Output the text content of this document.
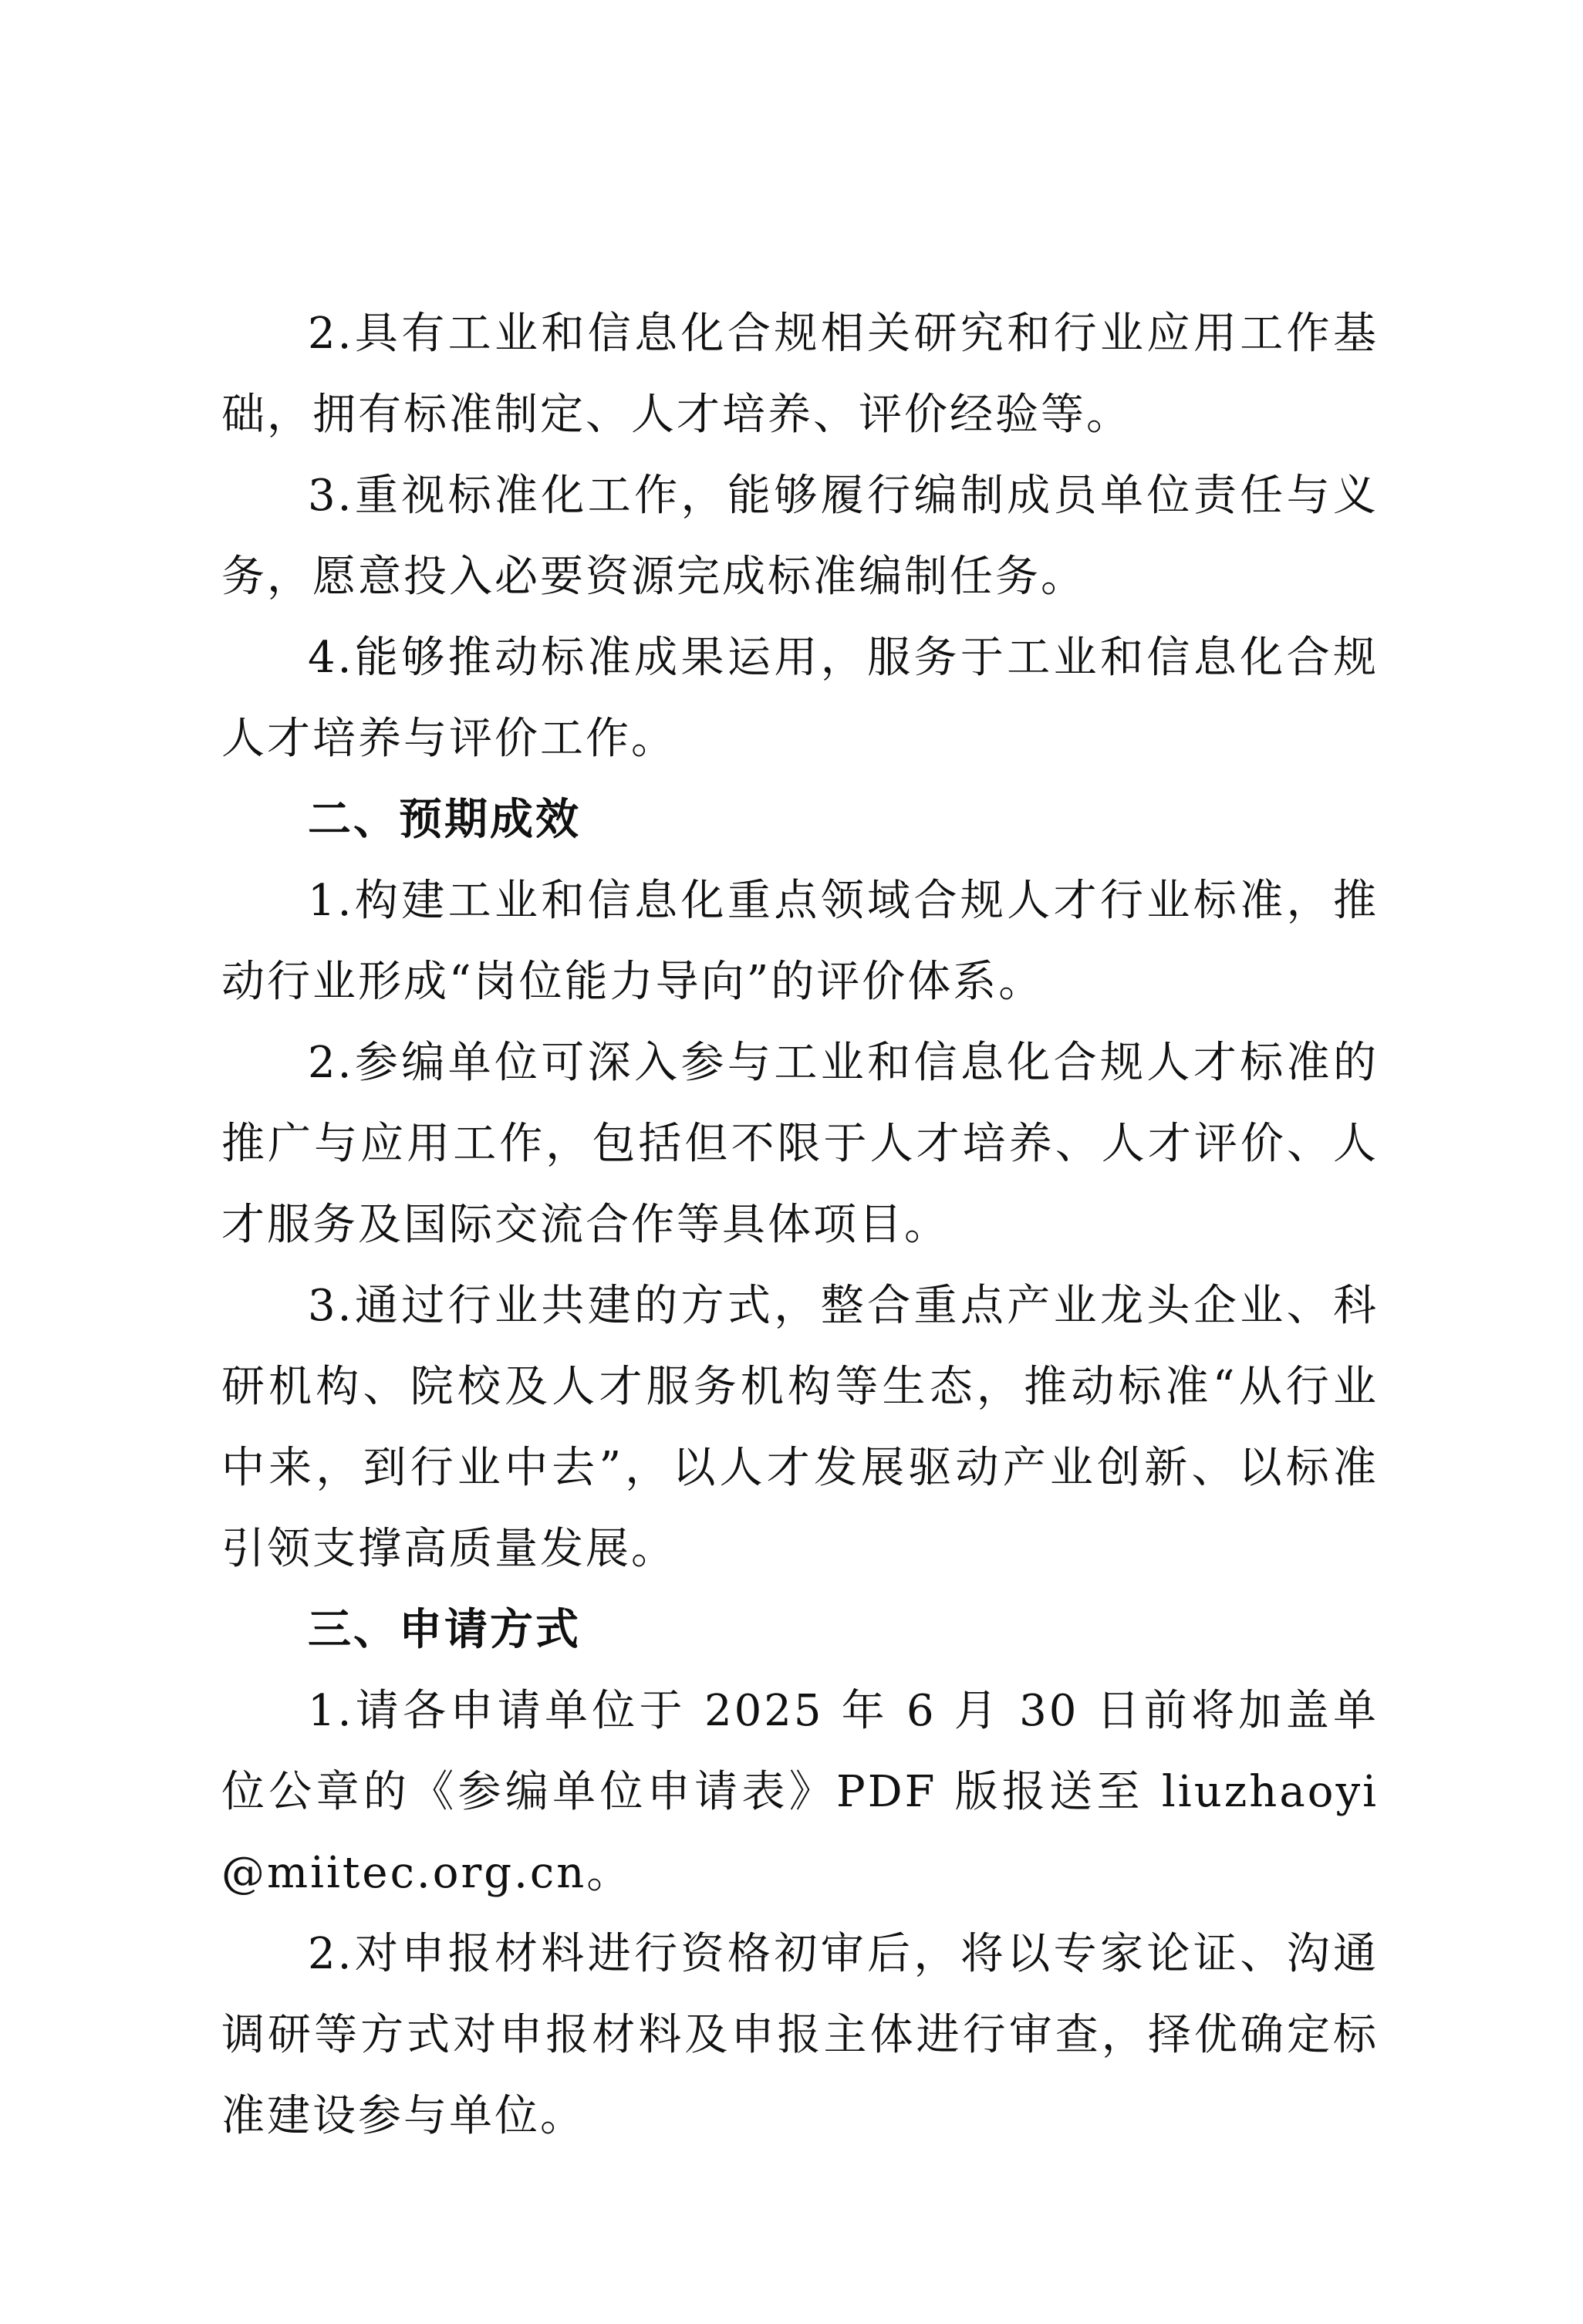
2.具有工业和信息化合规相关研究和行业应用工作基础，拥有标准制定、人才培养、评价经验等。

3.重视标准化工作，能够履行编制成员单位责任与义务，愿意投入必要资源完成标准编制任务。

4.能够推动标准成果运用，服务于工业和信息化合规人才培养与评价工作。

二、预期成效

1.构建工业和信息化重点领域合规人才行业标准，推动行业形成“岗位能力导向”的评价体系。

2.参编单位可深入参与工业和信息化合规人才标准的推广与应用工作，包括但不限于人才培养、人才评价、人才服务及国际交流合作等具体项目。

3.通过行业共建的方式，整合重点产业龙头企业、科研机构、院校及人才服务机构等生态，推动标准“从行业中来，到行业中去”，以人才发展驱动产业创新、以标准引领支撑高质量发展。

三、申请方式

1.请各申请单位于 2025 年 6 月 30 日前将加盖单位公章的《参编单位申请表》PDF 版报送至 liuzhaoyi@miitec.org.cn。

2.对申报材料进行资格初审后，将以专家论证、沟通调研等方式对申报材料及申报主体进行审查，择优确定标准建设参与单位。
